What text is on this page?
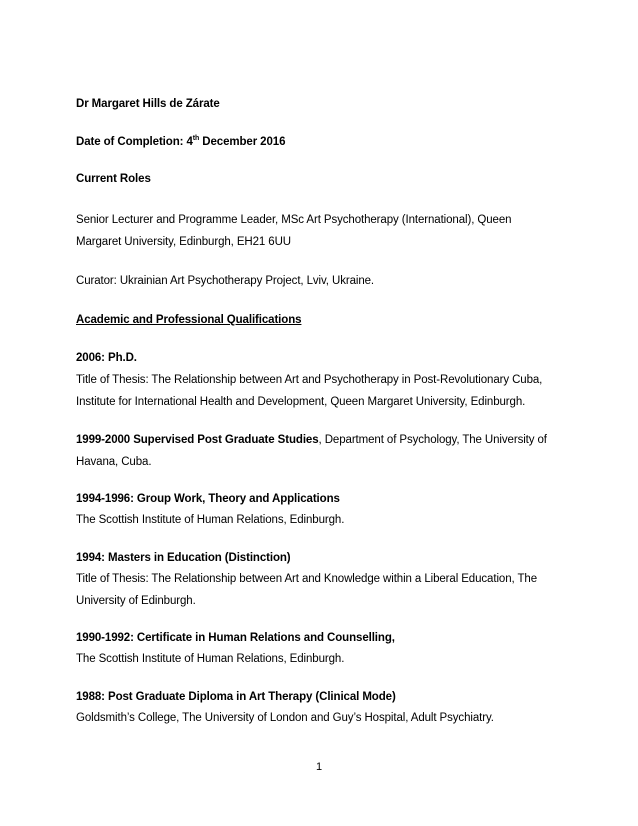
Dr Margaret Hills de Zárate
Date of Completion: 4th December 2016
Current Roles
Senior Lecturer and Programme Leader, MSc Art Psychotherapy (International), Queen
Margaret University, Edinburgh, EH21 6UU
Curator: Ukrainian Art Psychotherapy Project, Lviv, Ukraine.
Academic and Professional Qualifications
2006: Ph.D.
Title of Thesis: The Relationship between Art and Psychotherapy in Post-Revolutionary Cuba,
Institute for International Health and Development, Queen Margaret University, Edinburgh.
1999-2000 Supervised Post Graduate Studies, Department of Psychology, The University of
Havana, Cuba.
1994-1996: Group Work, Theory and Applications
The Scottish Institute of Human Relations, Edinburgh.
1994: Masters in Education (Distinction)
Title of Thesis: The Relationship between Art and Knowledge within a Liberal Education, The
University of Edinburgh.
1990-1992: Certificate in Human Relations and Counselling,
The Scottish Institute of Human Relations, Edinburgh.
1988: Post Graduate Diploma in Art Therapy (Clinical Mode)
Goldsmith’s College, The University of London and Guy’s Hospital, Adult Psychiatry.
1
